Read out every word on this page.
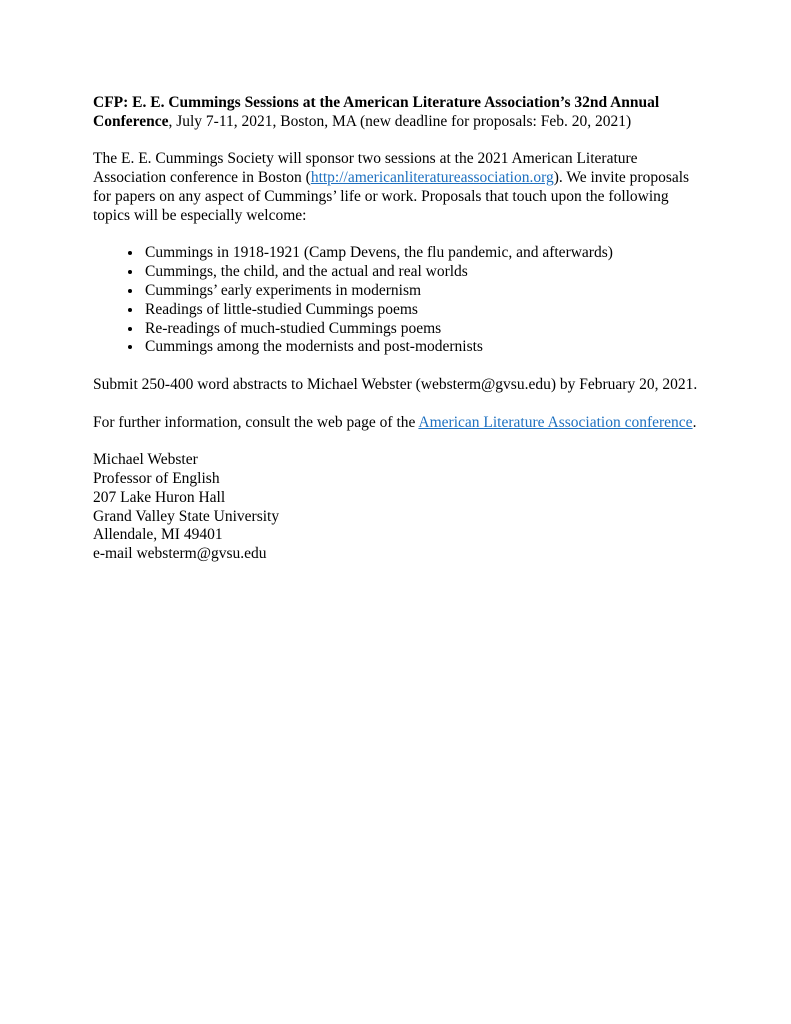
CFP: E. E. Cummings Sessions at the American Literature Association’s 32nd Annual Conference, July 7-11, 2021, Boston, MA (new deadline for proposals: Feb. 20, 2021)

The E. E. Cummings Society will sponsor two sessions at the 2021 American Literature Association conference in Boston (http://americanliteratureassociation.org). We invite proposals for papers on any aspect of Cummings’ life or work. Proposals that touch upon the following topics will be especially welcome:

• Cummings in 1918-1921 (Camp Devens, the flu pandemic, and afterwards)
• Cummings, the child, and the actual and real worlds
• Cummings’ early experiments in modernism
• Readings of little-studied Cummings poems
• Re-readings of much-studied Cummings poems
• Cummings among the modernists and post-modernists

Submit 250-400 word abstracts to Michael Webster (websterm@gvsu.edu) by February 20, 2021.

For further information, consult the web page of the American Literature Association conference.

Michael Webster
Professor of English
207 Lake Huron Hall
Grand Valley State University
Allendale, MI 49401
e-mail websterm@gvsu.edu
